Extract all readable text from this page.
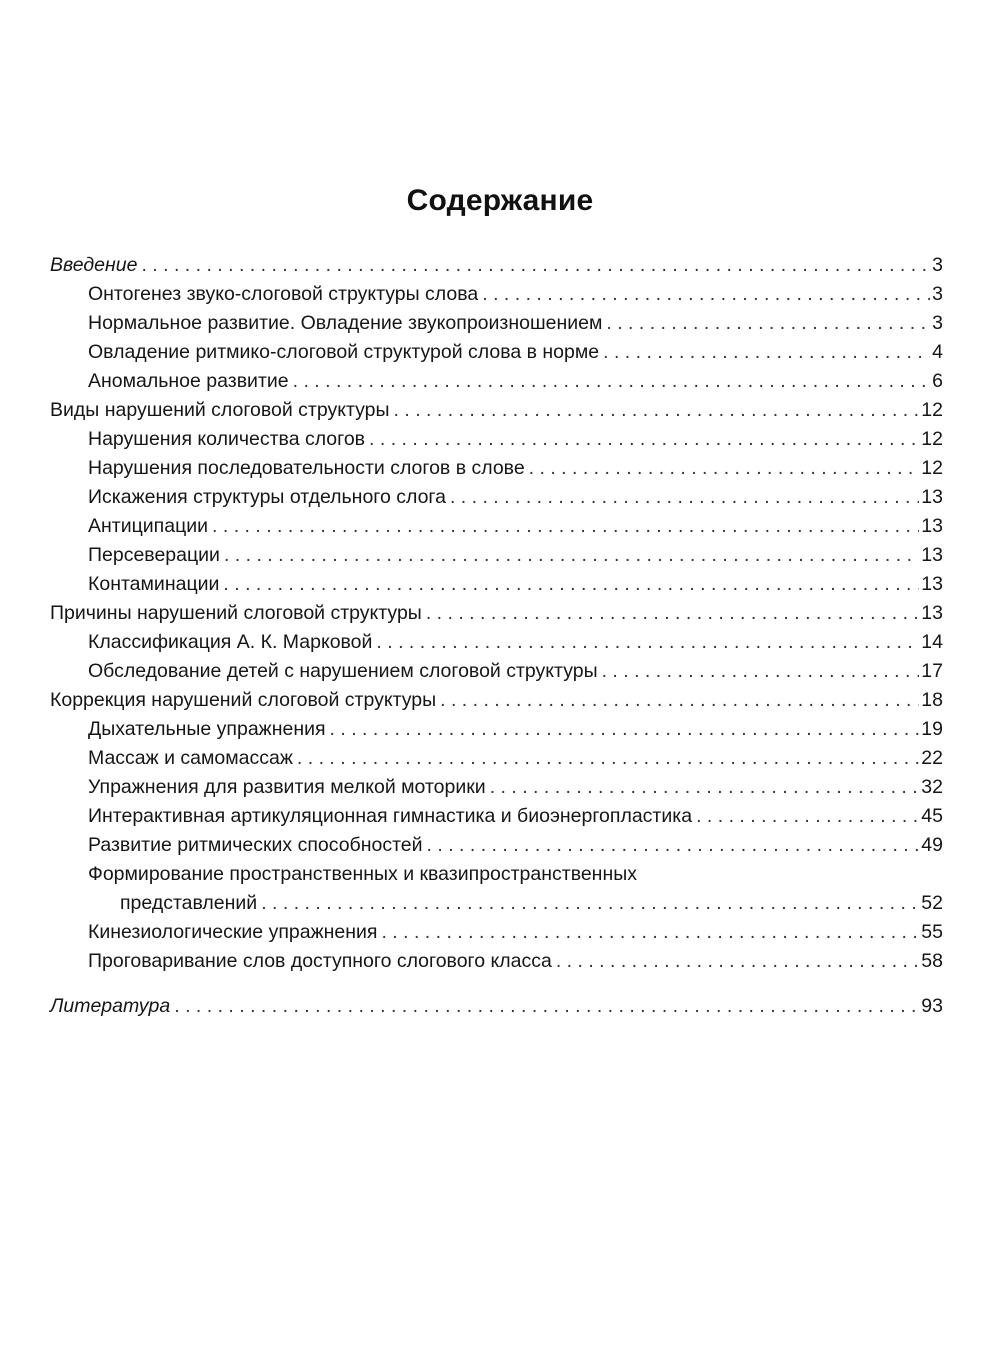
Содержание
Введение . . .	3
Онтогенез звуко-слоговой структуры слова . . .	3
Нормальное развитие. Овладение звукопроизношением . . .	3
Овладение ритмико-слоговой структурой слова в норме . . .	4
Аномальное развитие . . .	6
Виды нарушений слоговой структуры . . .	12
Нарушения количества слогов . . .	12
Нарушения последовательности слогов в слове . . .	12
Искажения структуры отдельного слога . . .	13
Антиципации . . .	13
Персеверации . . .	13
Контаминации . . .	13
Причины нарушений слоговой структуры . . .	13
Классификация А. К. Марковой . . .	14
Обследование детей с нарушением слоговой структуры . . .	17
Коррекция нарушений слоговой структуры . . .	18
Дыхательные упражнения . . .	19
Массаж и самомассаж . . .	22
Упражнения для развития мелкой моторики . . .	32
Интерактивная артикуляционная гимнастика и биоэнергопластика . . .	45
Развитие ритмических способностей . . .	49
Формирование пространственных и квазипространственных
представлений . . .	52
Кинезиологические упражнения . . .	55
Проговаривание слов доступного слогового класса . . .	58
Литература . . .	93
